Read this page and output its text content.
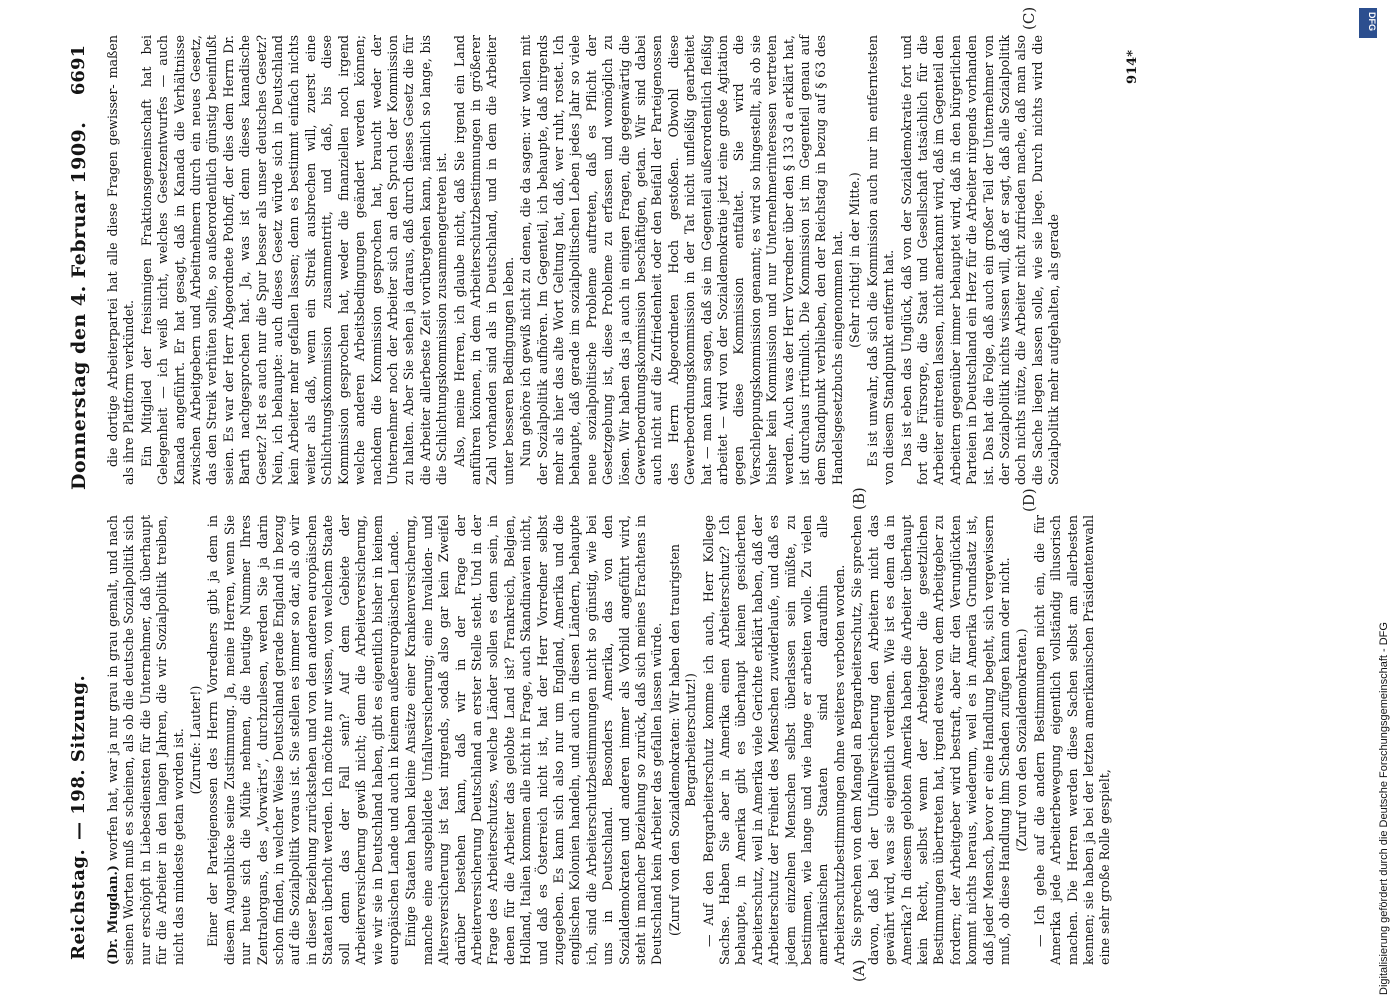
Reichstag.
— 198. Sitzung.
Donnerstag den 4. Februar 1909.
6691
(A)
(B)
(C)
(D)

(Dr. Mugdan.) worfen hat, war ja nur grau in grau gemalt, und nach seinen Worten muß es scheinen, als ob die deutsche Sozialpolitik sich nur erschöpft in Liebesdiensten für die Unternehmer, daß überhaupt für die Arbeiter in den langen Jahren, die wir Sozialpolitik treiben, nicht das mindeste getan worden ist. (Zurufe: Lauter!) Einer der Parteigenossen des Herrn Vorredners gibt ja dem in diesem Augenblicke seine Zustimmung. Ja, meine Herren, wenn Sie nur heute sich die Mühe nehmen, die heutige Nummer Ihres Zentralorgans, des „Vorwärts“, durchzulesen, werden Sie ja darin schon finden, in welcher Weise Deutschland gerade England in bezug auf die Sozialpolitik voraus ist. Sie stellen es immer so dar, als ob wir in dieser Beziehung zurückstehen und von den anderen europäischen Staaten überholt werden. Ich möchte nur wissen, von welchem Staate soll denn das der Fall sein? Auf dem Gebiete der Arbeiterversicherung gewiß nicht; denn die Arbeiterversicherung, wie wir sie in Deutschland haben, gibt es eigentlich bisher in keinem europäischen Lande und auch in keinem außereuropäischen Lande. Einige Staaten haben kleine Ansätze einer Krankenversicherung, manche eine ausgebildete Unfallversicherung; eine Invaliden- und Altersversicherung ist fast nirgends, sodaß also gar kein Zweifel darüber bestehen kann, daß wir in der Frage der Arbeiterversicherung Deutschland an erster Stelle steht. Und in der Frage des Arbeiterschutzes, welche Länder sollen es denn sein, in denen für die Arbeiter das gelobte Land ist? Frankreich, Belgien, Holland, Italien kommen alle nicht in Frage, auch Skandinavien nicht, und daß es Österreich nicht ist, hat der Herr Vorredner selbst zugegeben. Es kann sich also nur um England, Amerika und die englischen Kolonien handeln, und auch in diesen Ländern, behaupte ich, sind die Arbeiterschutzbestimmungen nicht so günstig, wie bei uns in Deutschland. Besonders Amerika, das von den Sozialdemokraten und anderen immer als Vorbild angeführt wird, steht in mancher Beziehung so zurück, daß sich meines Erachtens in Deutschland kein Arbeiter das gefallen lassen würde. (Zuruf von den Sozialdemokraten: Wir haben den traurigsten Bergarbeiterschutz!) — Auf den Bergarbeiterschutz komme ich auch, Herr Kollege Sachse. Haben Sie aber in Amerika einen Arbeiterschutz? Ich behaupte, in Amerika gibt es überhaupt keinen gesicherten Arbeiterschutz, weil in Amerika viele Gerichte erklärt haben, daß der Arbeiterschutz der Freiheit des Menschen zuwiderlaufe, und daß es jedem einzelnen Menschen selbst überlassen sein müßte, zu bestimmen, wie lange und wie lange er arbeiten wolle. Zu vielen amerikanischen Staaten sind daraufhin alle Arbeiterschutzbestimmungen ohne weiteres verboten worden. Sie sprechen von dem Mangel an Bergarbeiterschutz, Sie sprechen davon, daß bei der Unfallversicherung den Arbeitern nicht das gewährt wird, was sie eigentlich verdienen. Wie ist es denn da in Amerika? In diesem gelobten Amerika haben die Arbeiter überhaupt kein Recht, selbst wenn der Arbeitgeber die gesetzlichen Bestimmungen übertreten hat, irgend etwas von dem Arbeitgeber zu fordern; der Arbeitgeber wird bestraft, aber für den Verunglückten kommt nichts heraus, wiederum, weil es in Amerika Grundsatz ist, daß jeder Mensch, bevor er eine Handlung begeht, sich vergewissern muß, ob diese Handlung ihm Schaden zufügen kann oder nicht. (Zuruf von den Sozialdemokraten.) — Ich gehe auf die andern Bestimmungen nicht ein, die für Amerika jede Arbeiterbewegung eigentlich vollständig illusorisch machen. Die Herren werden diese Sachen selbst am allerbesten kennen; sie haben ja bei der letzten amerikanischen Präsidentenwahl eine sehr große Rolle gespielt,

die dortige Arbeiterpartei hat alle diese Fragen gewisser- maßen als ihre Plattform verkündet. Ein Mitglied der freisinnigen Fraktionsgemeinschaft hat bei Gelegenheit — ich weiß nicht, welches Gesetzentwurfes — auch Kanada angeführt. Er hat gesagt, daß in Kanada die Verhältnisse zwischen Arbeitgebern und Arbeitnehmern durch ein neues Gesetz, das den Streik verhüten sollte, so außerordentlich günstig beeinflußt seien. Es war der Herr Abgeordnete Pothoff, der dies dem Herrn Dr. Barth nachgesprochen hat. Ja, was ist denn dieses kanadische Gesetz? Ist es auch nur die Spur besser als unser deutsches Gesetz? Nein, ich behaupte: auch dieses Gesetz würde sich in Deutschland kein Arbeiter mehr gefallen lassen; denn es bestimmt einfach nichts weiter als daß, wenn ein Streik ausbrechen will, zuerst eine Schlichtungskommission zusammentritt, und daß, bis diese Kommission gesprochen hat, weder die finanziellen noch irgend welche anderen Arbeitsbedingungen geändert werden können; nachdem die Kommission gesprochen hat, braucht weder der Unternehmer noch der Arbeiter sich an den Spruch der Kommission zu halten. Aber Sie sehen ja daraus, daß durch dieses Gesetz die für die Arbeiter allerbeste Zeit vorübergehen kann, nämlich so lange, bis die Schlichtungskommission zusammengetreten ist. Also, meine Herren, ich glaube nicht, daß Sie irgend ein Land anführen können, in dem Arbeiterschutzbestimmungen in größerer Zahl vorhanden sind als in Deutschland, und in dem die Arbeiter unter besseren Bedingungen leben. Nun gehöre ich gewiß nicht zu denen, die da sagen: wir wollen mit der Sozialpolitik aufhören. Im Gegenteil, ich behaupte, daß nirgends mehr als hier das alte Wort Geltung hat, daß, wer ruht, rostet. Ich behaupte, daß gerade im sozialpolitischen Leben jedes Jahr so viele neue sozialpolitische Probleme auftreten, daß es Pflicht der Gesetzgebung ist, diese Probleme zu erfassen und womöglich zu lösen. Wir haben das ja auch in einigen Fragen, die gegenwärtig die Gewerbeordnungskommission beschäftigen, getan. Wir sind dabei auch nicht auf die Zufriedenheit oder den Beifall der Parteigenossen des Herrn Abgeordneten Hoch gestoßen. Obwohl diese Gewerbeordnungskommission in der Tat nicht unfleißig gearbeitet hat — man kann sagen, daß sie im Gegenteil außerordentlich fleißig arbeitet — wird von der Sozialdemokratie jetzt eine große Agitation gegen diese Kommission entfaltet. Sie wird die Verschleppungskommission genannt; es wird so hingestellt, als ob sie bisher kein Kommission und nur Unternehmerinteressen vertreten werden. Auch was der Herr Vorredner über den § 133 d a erklärt hat, ist durchaus irrtümlich. Die Kommission ist im Gegenteil genau auf dem Standpunkt verblieben, den der Reichstag in bezug auf § 63 des Handelsgesetzbuchs eingenommen hat. (Sehr richtig! in der Mitte.) Es ist unwahr, daß sich die Kommission auch nur im entferntesten von diesem Standpunkt entfernt hat. Das ist eben das Unglück, daß von der Sozialdemokratie fort und fort die Fürsorge, die Staat und Gesellschaft tatsächlich für die Arbeiter eintreten lassen, nicht anerkannt wird, daß im Gegenteil den Arbeitern gegenüber immer behauptet wird, daß in den bürgerlichen Parteien in Deutschland ein Herz für die Arbeiter nirgends vorhanden ist. Das hat die Folge, daß auch ein großer Teil der Unternehmer von der Sozialpolitik nichts wissen will, daß er sagt, daß alle Sozialpolitik doch nichts nütze, die Arbeiter nicht zufrieden mache, daß man also die Sache liegen lassen solle, wie sie liege. Durch nichts wird die Sozialpolitik mehr aufgehalten, als gerade

914*
Digitalisierung gefördert durch die Deutsche Forschungsgemeinschaft - DFG
DFG
